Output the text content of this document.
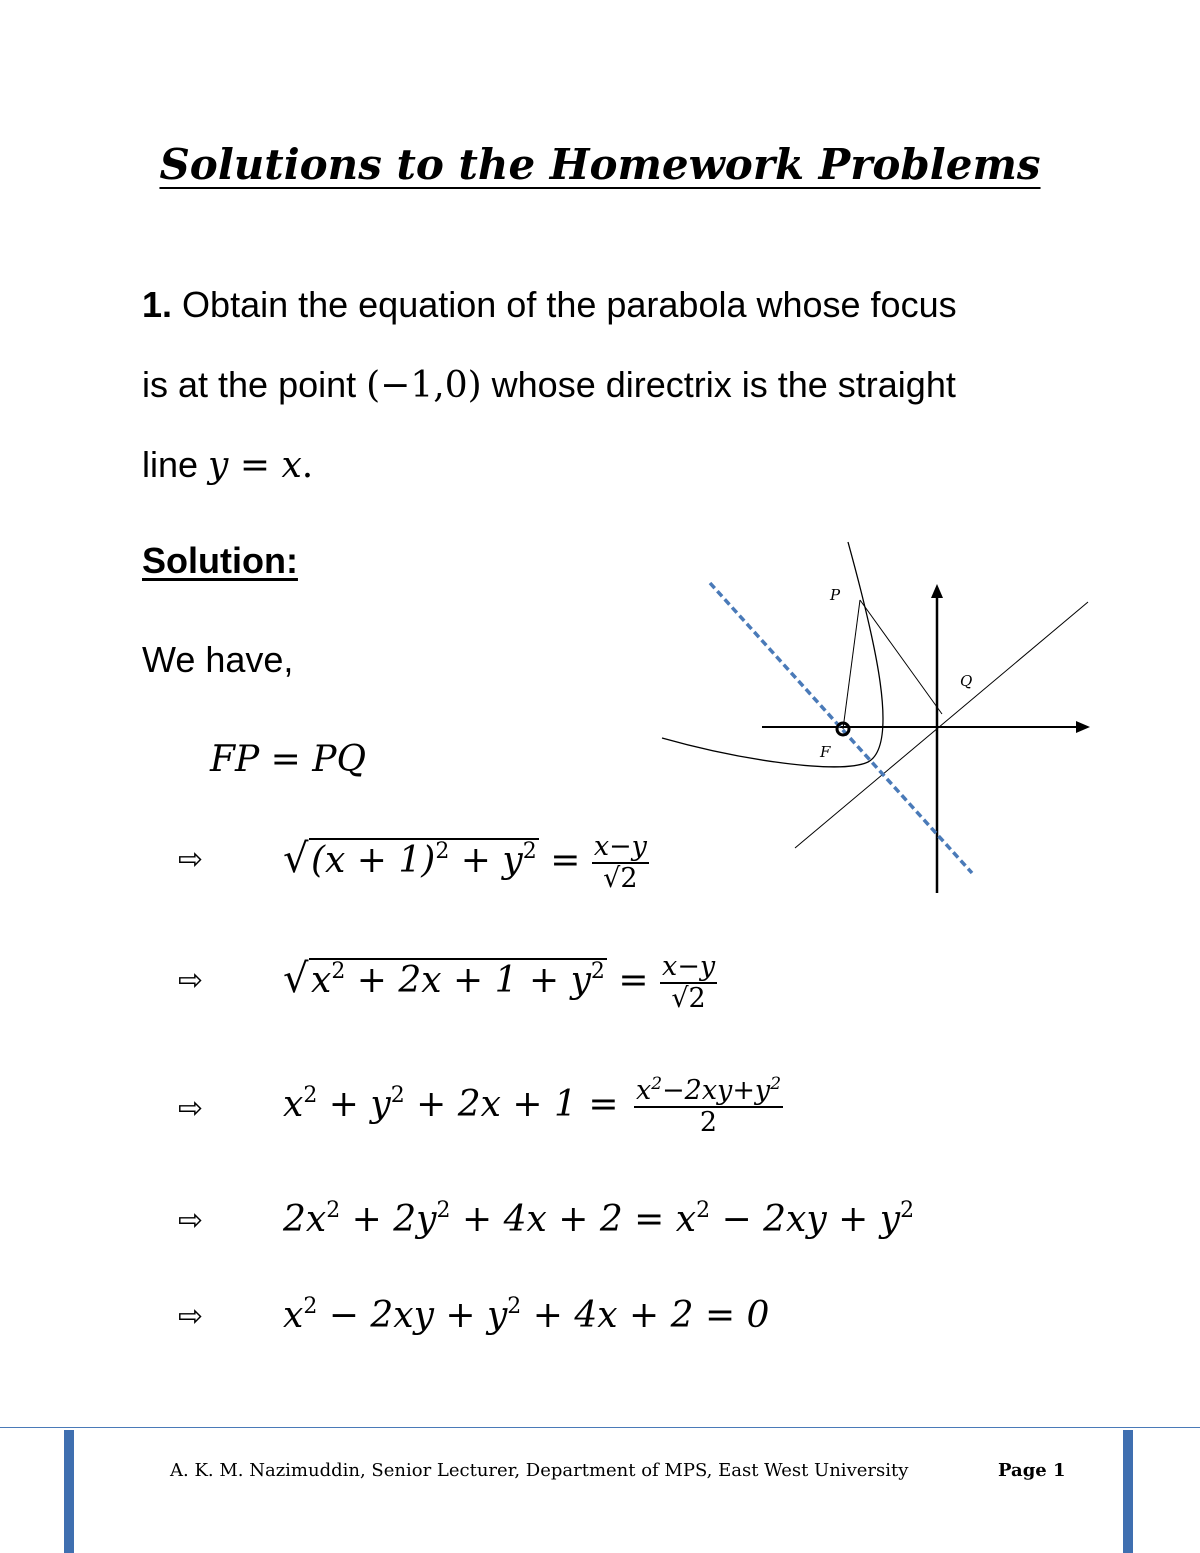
Solutions to the Homework Problems
1. Obtain the equation of the parabola whose focus
is at the point (−1,0) whose directrix is the straight
line y = x.
Solution:
We have,
FP = PQ
⇨ √ $(x + 1)^2 + y^2 = \frac{x-y}{√2}$
⇨ √ $x^2 + 2x + 1 + y^2 = \frac{x-y}{√2}$
⇨ $x^2 + y^2 + 2x + 1 = \frac{x^2-2xy+y^2}{2}$
⇨ $2x^2 + 2y^2 + 4x + 2 = x^2 - 2xy + y^2$
⇨ $x^2 - 2xy + y^2 + 4x + 2 = 0$
P
Q
F
A. K. M. Nazimuddin, Senior Lecturer, Department of MPS, East West University	Page 1
